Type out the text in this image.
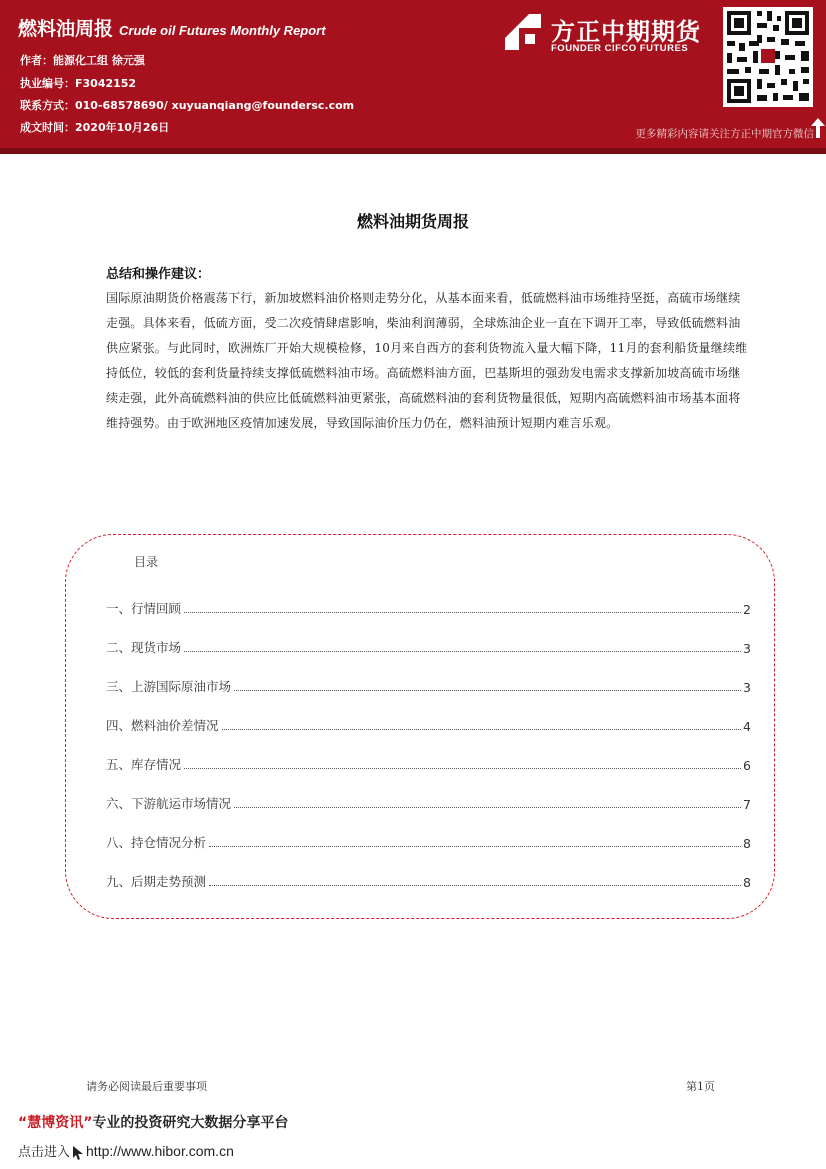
燃料油周报 Crude oil Futures Monthly Report
作者：能源化工组 徐元强
执业编号：F3042152
联系方式：010-68578690/ xuyuanqiang@foundersc.com
成文时间：2020年10月26日
方正中期期货
FOUNDER CIFCO FUTURES
更多精彩内容请关注方正中期官方微信
燃料油期货周报
总结和操作建议：
国际原油期货价格震荡下行，新加坡燃料油价格则走势分化，从基本面来看，低硫燃料油市场维持坚挺，高硫市场继续走强。具体来看，低硫方面，受二次疫情肆虐影响，柴油利润薄弱，全球炼油企业一直在下调开工率，导致低硫燃料油供应紧张。与此同时，欧洲炼厂开始大规模检修，10月来自西方的套利货物流入量大幅下降，11月的套利船货量继续维持低位，较低的套利货量持续支撑低硫燃料油市场。高硫燃料油方面，巴基斯坦的强劲发电需求支撑新加坡高硫市场继续走强，此外高硫燃料油的供应比低硫燃料油更紧张，高硫燃料油的套利货物量很低，短期内高硫燃料油市场基本面将维持强势。由于欧洲地区疫情加速发展，导致国际油价压力仍在，燃料油预计短期内难言乐观。
目录
一、行情回顾	2
二、现货市场	3
三、上游国际原油市场	3
四、燃料油价差情况	4
五、库存情况	6
六、下游航运市场情况	7
八、持仓情况分析	8
九、后期走势预测	8
请务必阅读最后重要事项	第1页
“慧博资讯”专业的投资研究大数据分享平台
点击进入 http://www.hibor.com.cn
